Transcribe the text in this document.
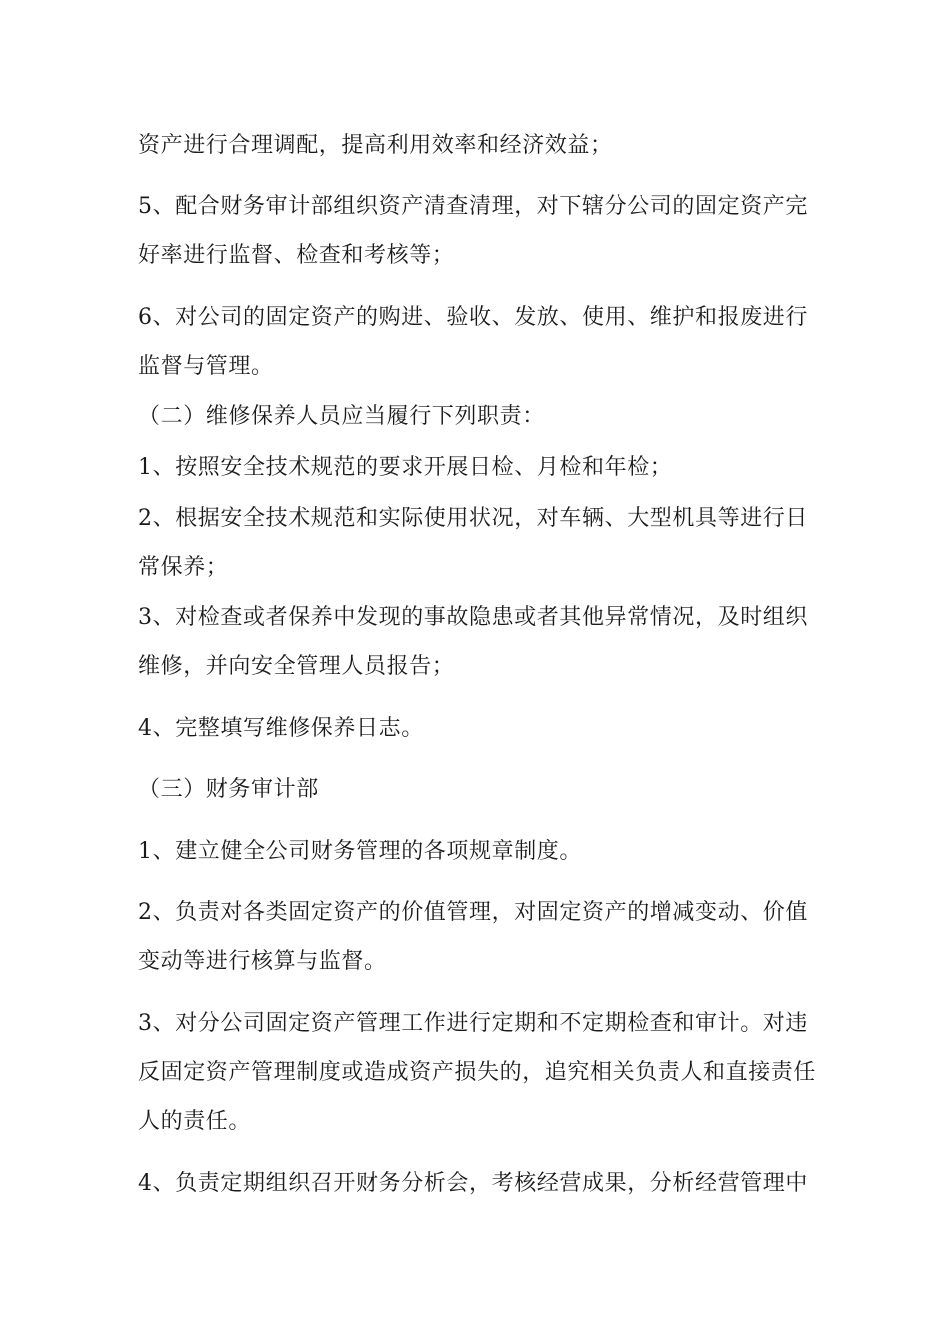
资产进行合理调配，提高利用效率和经济效益；

5、配合财务审计部组织资产清查清理，对下辖分公司的固定资产完

好率进行监督、检查和考核等；

6、对公司的固定资产的购进、验收、发放、使用、维护和报废进行

监督与管理。

（二）维修保养人员应当履行下列职责：

1、按照安全技术规范的要求开展日检、月检和年检；

2、根据安全技术规范和实际使用状况，对车辆、大型机具等进行日

常保养；

3、对检查或者保养中发现的事故隐患或者其他异常情况，及时组织

维修，并向安全管理人员报告；

4、完整填写维修保养日志。

（三）财务审计部

1、建立健全公司财务管理的各项规章制度。

2、负责对各类固定资产的价值管理，对固定资产的增减变动、价值

变动等进行核算与监督。

3、对分公司固定资产管理工作进行定期和不定期检查和审计。对违

反固定资产管理制度或造成资产损失的，追究相关负责人和直接责任

人的责任。

4、负责定期组织召开财务分析会，考核经营成果，分析经营管理中
